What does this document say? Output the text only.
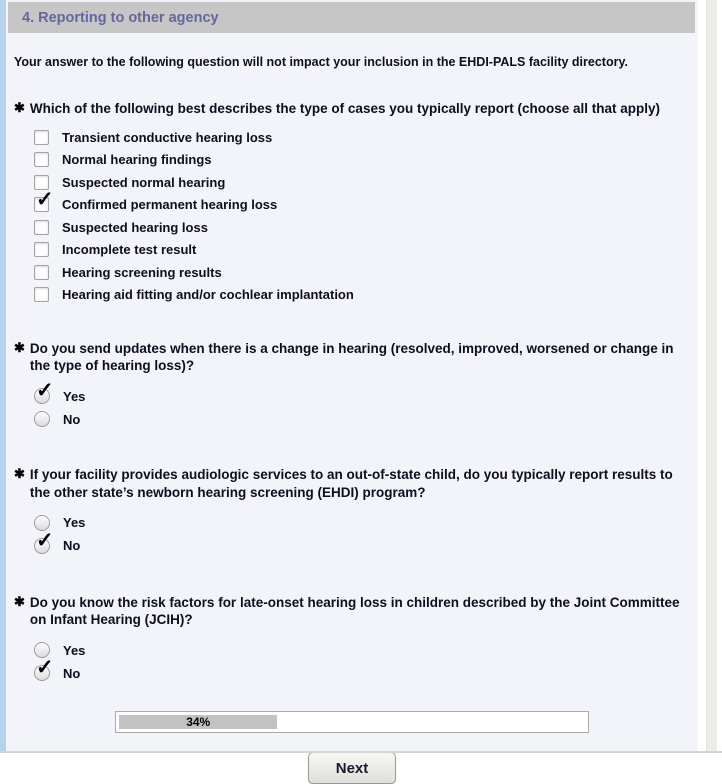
4. Reporting to other agency
Your answer to the following question will not impact your inclusion in the EHDI-PALS facility directory.
✱ Which of the following best describes the type of cases you typically report (choose all that apply)
Transient conductive hearing loss
Normal hearing findings
Suspected normal hearing
✓ Confirmed permanent hearing loss
Suspected hearing loss
Incomplete test result
Hearing screening results
Hearing aid fitting and/or cochlear implantation
✱ Do you send updates when there is a change in hearing (resolved, improved, worsened or change in the type of hearing loss)?
✓ Yes
No
✱ If your facility provides audiologic services to an out-of-state child, do you typically report results to the other state’s newborn hearing screening (EHDI) program?
Yes
✓ No
✱ Do you know the risk factors for late-onset hearing loss in children described by the Joint Committee on Infant Hearing (JCIH)?
Yes
✓ No
34%
Next
